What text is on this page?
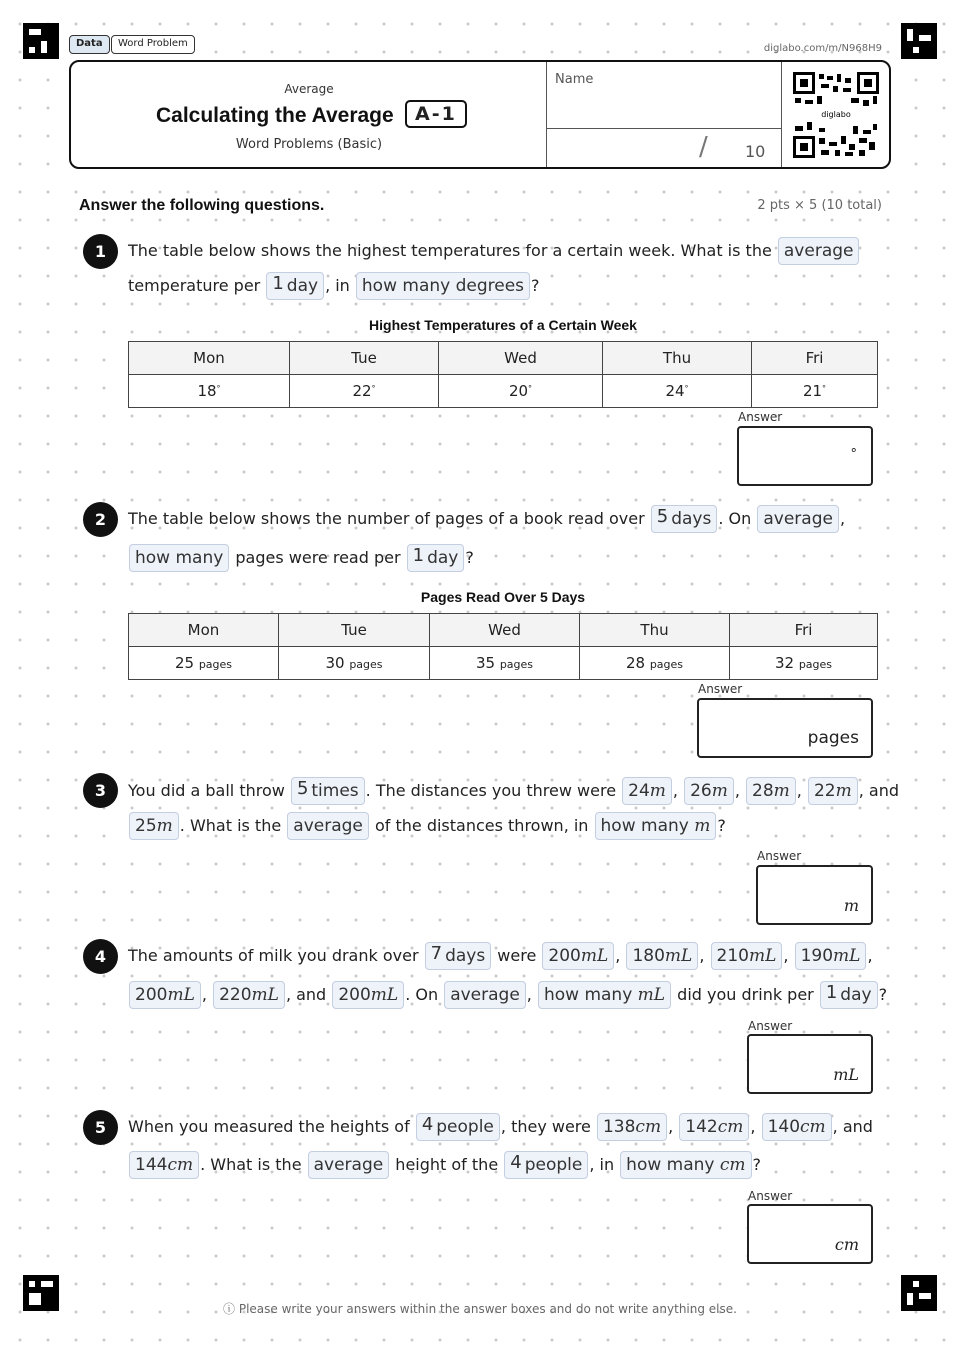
Data	Word Problem	diglabo.com/m/N968H9
Average
Calculating the Average	A-1
Word Problems (Basic)
Name
/ 10
diglabo
Answer the following questions.	2 pts × 5 (10 total)
1	The table below shows the highest temperatures for a certain week. What is the average
temperature per 1 day , in how many degrees ?
Highest Temperatures of a Certain Week
Mon	Tue	Wed	Thu	Fri
18°	22°	20°	24°	21°
Answer
°
2	The table below shows the number of pages of a book read over 5 days . On average ,
how many pages were read per 1 day ?
Pages Read Over 5 Days
Mon	Tue	Wed	Thu	Fri
25 pages	30 pages	35 pages	28 pages	32 pages
Answer
pages
3	You did a ball throw 5 times . The distances you threw were 24m , 26m , 28m , 22m , and
25m . What is the average of the distances thrown, in how many m ?
Answer
m
4	The amounts of milk you drank over 7 days were 200mL , 180mL , 210mL , 190mL ,
200mL , 220mL , and 200mL . On average , how many mL did you drink per 1 day ?
Answer
mL
5	When you measured the heights of 4 people , they were 138cm , 142cm , 140cm , and
144cm . What is the average height of the 4 people , in how many cm ?
Answer
cm
ⓘ Please write your answers within the answer boxes and do not write anything else.
